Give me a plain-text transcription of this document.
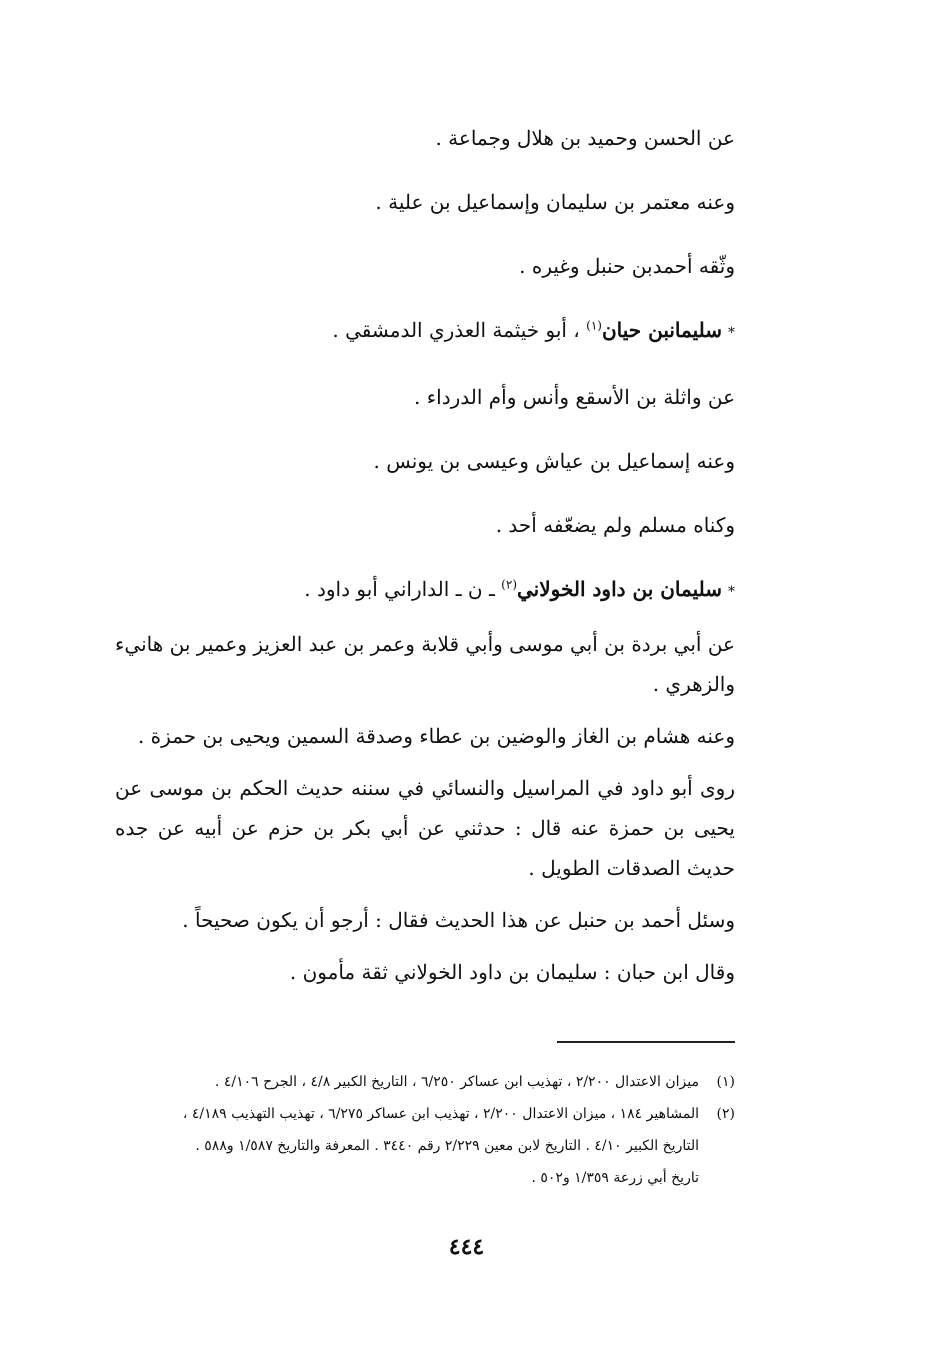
عن الحسن وحميد بن هلال وجماعة .
وعنه معتمر بن سليمان وإسماعيل بن علية .
وثّقه أحمدبن حنبل وغيره .
*سليمانبن حيان$^{(١)}$ ، أبو خيثمة العذري الدمشقي .
عن واثلة بن الأسقع وأنس وأم الدرداء .
وعنه إسماعيل بن عياش وعيسى بن يونس .
وكناه مسلم ولم يضعّفه أحد .
*سليمان بن داود الخولاني$^{(٢)}$ ـ ن ـ الداراني أبو داود .
عن أبي بردة بن أبي موسى وأبي قلابة وعمر بن عبد العزيز وعمير بن هانيء والزهري .
وعنه هشام بن الغاز والوضين بن عطاء وصدقة السمين ويحيى بن حمزة .
روى أبو داود في المراسيل والنسائي في سننه حديث الحكم بن موسى عن يحيى بن حمزة عنه قال : حدثني عن أبي بكر بن حزم عن أبيه عن جده حديث الصدقات الطويل .
وسئل أحمد بن حنبل عن هذا الحديث فقال : أرجو أن يكون صحيحاً .
وقال ابن حبان : سليمان بن داود الخولاني ثقة مأمون .
(١)
ميزان الاعتدال ٢/٢٠٠ ، تهذيب ابن عساكر ٦/٢٥٠ ، التاريخ الكبير ٤/٨ ، الجرح ٤/١٠٦ .
(٢)
المشاهير ١٨٤ ، ميزان الاعتدال ٢/٢٠٠ ، تهذيب ابن عساكر ٦/٢٧٥ ، تهذيب التهذيب ٤/١٨٩ ،
التاريخ الكبير ٤/١٠ . التاريخ لابن معين ٢/٢٢٩ رقم ٣٤٤٠ . المعرفة والتاريخ ١/٥٨٧ و٥٨٨ .
تاريخ أبي زرعة ١/٣٥٩ و٥٠٢ .
٤٤٤
